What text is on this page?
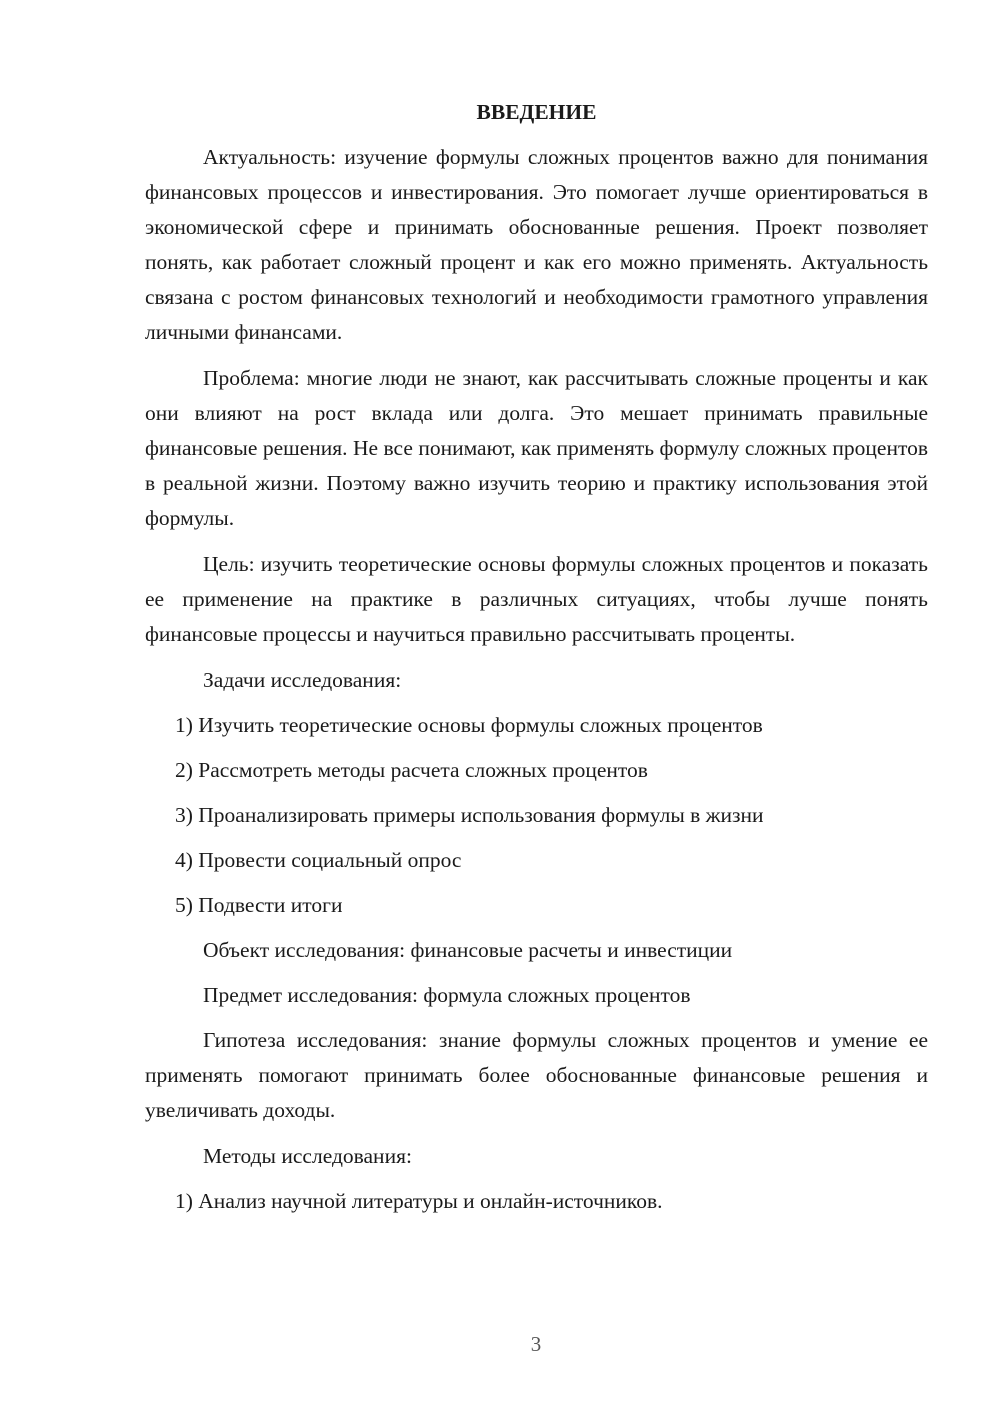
ВВЕДЕНИЕ

Актуальность: изучение формулы сложных процентов важно для понимания финансовых процессов и инвестирования. Это помогает лучше ориентироваться в экономической сфере и принимать обоснованные решения. Проект позволяет понять, как работает сложный процент и как его можно применять. Актуальность связана с ростом финансовых технологий и необходимости грамотного управления личными финансами.

Проблема: многие люди не знают, как рассчитывать сложные проценты и как они влияют на рост вклада или долга. Это мешает принимать правильные финансовые решения. Не все понимают, как применять формулу сложных процентов в реальной жизни. Поэтому важно изучить теорию и практику использования этой формулы.

Цель: изучить теоретические основы формулы сложных процентов и показать ее применение на практике в различных ситуациях, чтобы лучше понять финансовые процессы и научиться правильно рассчитывать проценты.

Задачи исследования:

1) Изучить теоретические основы формулы сложных процентов

2) Рассмотреть методы расчета сложных процентов

3) Проанализировать примеры использования формулы в жизни

4) Провести социальный опрос

5) Подвести итоги

Объект исследования: финансовые расчеты и инвестиции

Предмет исследования: формула сложных процентов

Гипотеза исследования: знание формулы сложных процентов и умение ее применять помогают принимать более обоснованные финансовые решения и увеличивать доходы.

Методы исследования:

1) Анализ научной литературы и онлайн-источников.

3
